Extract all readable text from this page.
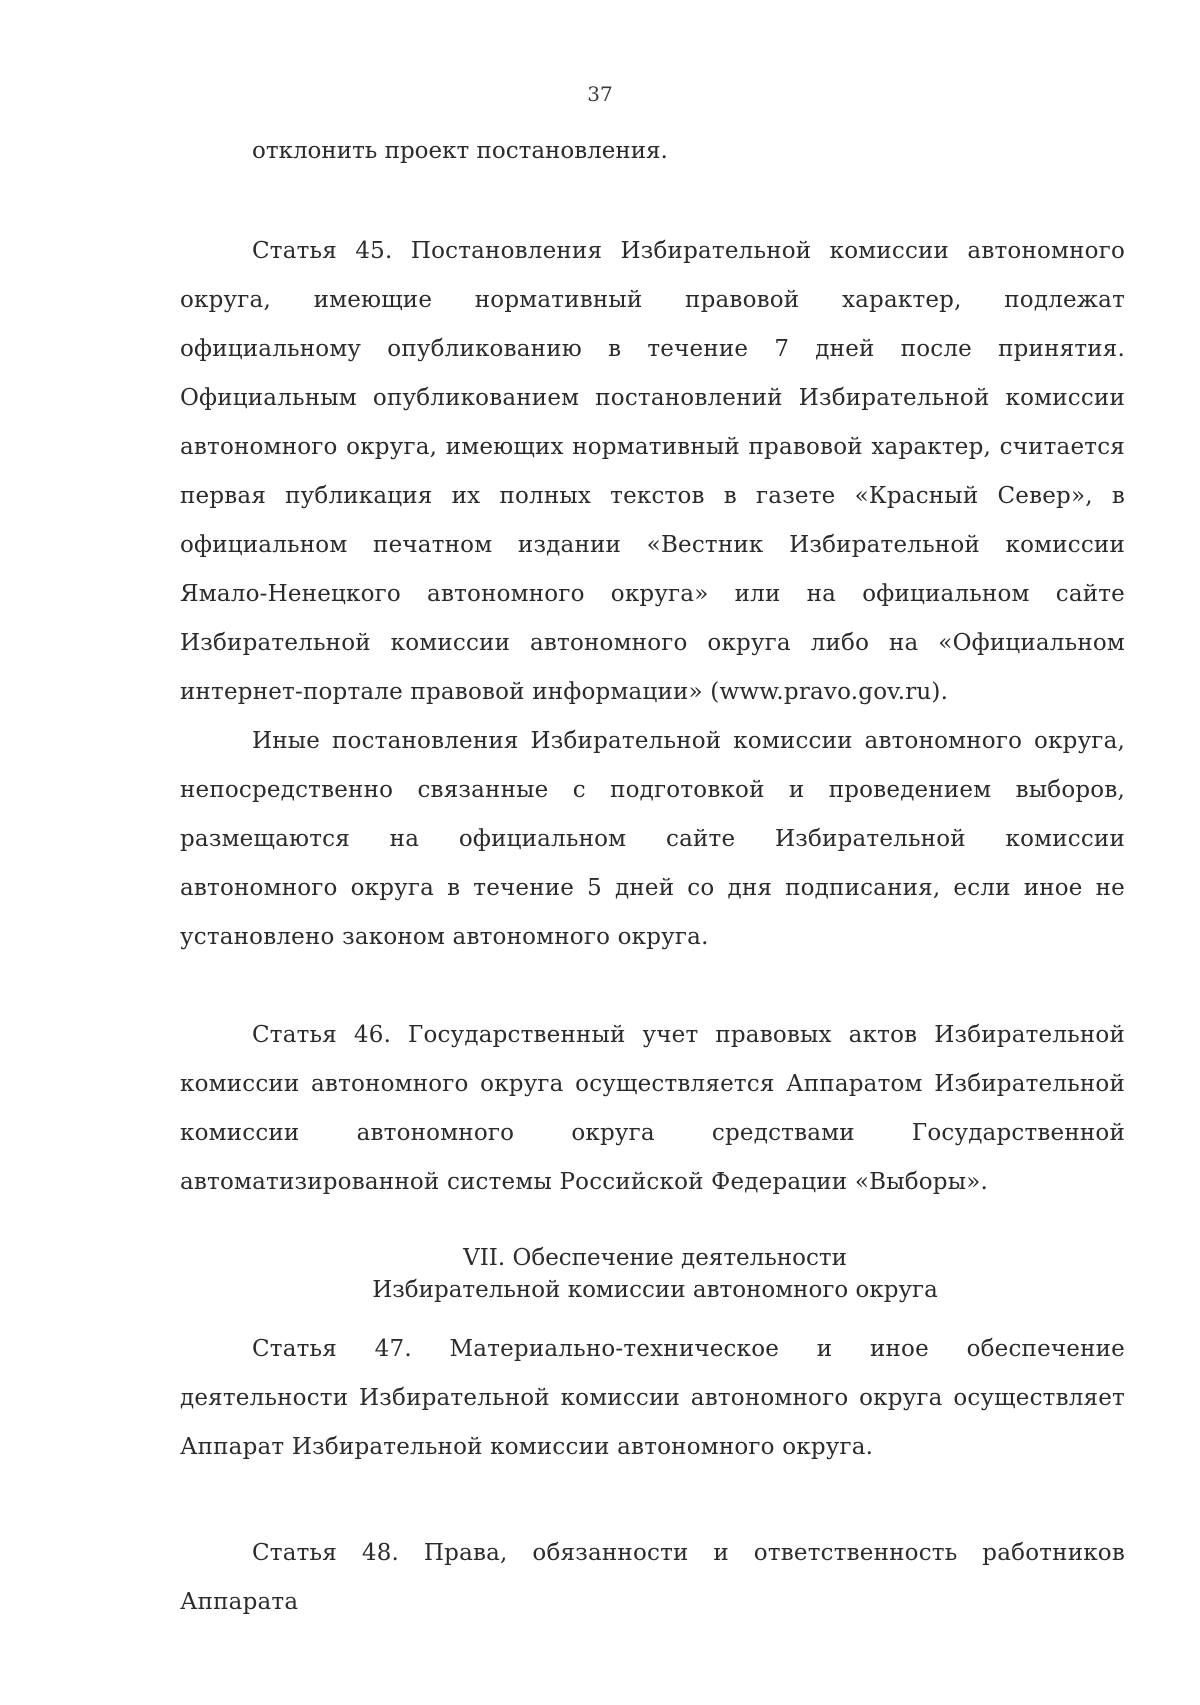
37
отклонить проект постановления.

Статья 45. Постановления Избирательной комиссии автономного округа, имеющие нормативный правовой характер, подлежат официальному опубликованию в течение 7 дней после принятия. Официальным опубликованием постановлений Избирательной комиссии автономного округа, имеющих нормативный правовой характер, считается первая публикация их полных текстов в газете «Красный Север», в официальном печатном издании «Вестник Избирательной комиссии Ямало-Ненецкого автономного округа» или на официальном сайте Избирательной комиссии автономного округа либо на «Официальном интернет-портале правовой информации» (www.pravo.gov.ru).

Иные постановления Избирательной комиссии автономного округа, непосредственно связанные с подготовкой и проведением выборов, размещаются на официальном сайте Избирательной комиссии автономного округа в течение 5 дней со дня подписания, если иное не установлено законом автономного округа.

Статья 46. Государственный учет правовых актов Избирательной комиссии автономного округа осуществляется Аппаратом Избирательной комиссии автономного округа средствами Государственной автоматизированной системы Российской Федерации «Выборы».

VII. Обеспечение деятельности
Избирательной комиссии автономного округа

Статья 47. Материально-техническое и иное обеспечение деятельности Избирательной комиссии автономного округа осуществляет Аппарат Избирательной комиссии автономного округа.

Статья 48. Права, обязанности и ответственность работников Аппарата
